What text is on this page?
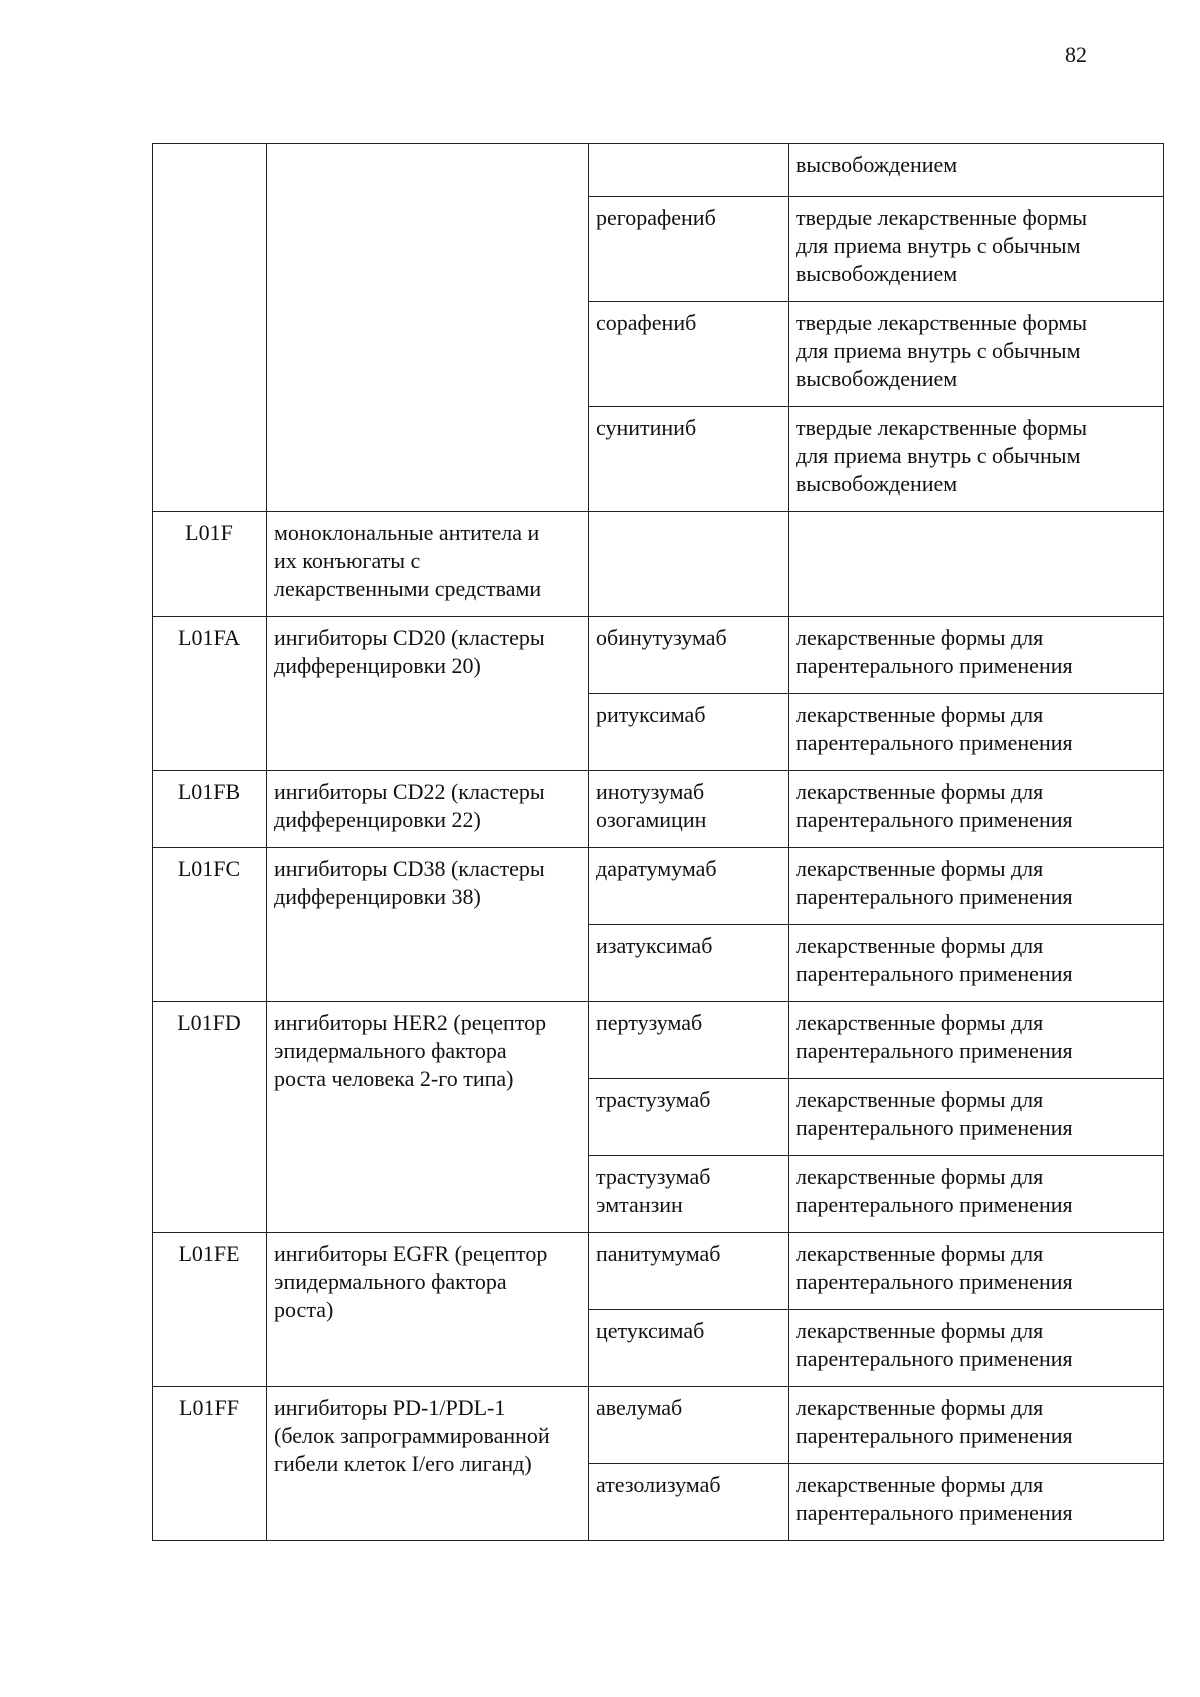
82

			высвобождением

		регорафениб	твердые лекарственные формы
для приема внутрь с обычным
высвобождением

		сорафениб	твердые лекарственные формы
для приема внутрь с обычным
высвобождением

		сунитиниб	твердые лекарственные формы
для приема внутрь с обычным
высвобождением

L01F	моноклональные антитела и
их конъюгаты с
лекарственными средствами		

L01FA	ингибиторы CD20 (кластеры
дифференцировки 20)	обинутузумаб	лекарственные формы для
парентерального применения

		ритуксимаб	лекарственные формы для
парентерального применения

L01FB	ингибиторы CD22 (кластеры
дифференцировки 22)	инотузумаб
озогамицин	лекарственные формы для
парентерального применения

L01FC	ингибиторы CD38 (кластеры
дифференцировки 38)	даратумумаб	лекарственные формы для
парентерального применения

		изатуксимаб	лекарственные формы для
парентерального применения

L01FD	ингибиторы HER2 (рецептор
эпидермального фактора
роста человека 2-го типа)	пертузумаб	лекарственные формы для
парентерального применения

		трастузумаб	лекарственные формы для
парентерального применения

		трастузумаб
эмтанзин	лекарственные формы для
парентерального применения

L01FE	ингибиторы EGFR (рецептор
эпидермального фактора
роста)	панитумумаб	лекарственные формы для
парентерального применения

		цетуксимаб	лекарственные формы для
парентерального применения

L01FF	ингибиторы PD-1/PDL-1
(белок запрограммированной
гибели клеток I/его лиганд)	авелумаб	лекарственные формы для
парентерального применения

		атезолизумаб	лекарственные формы для
парентерального применения
